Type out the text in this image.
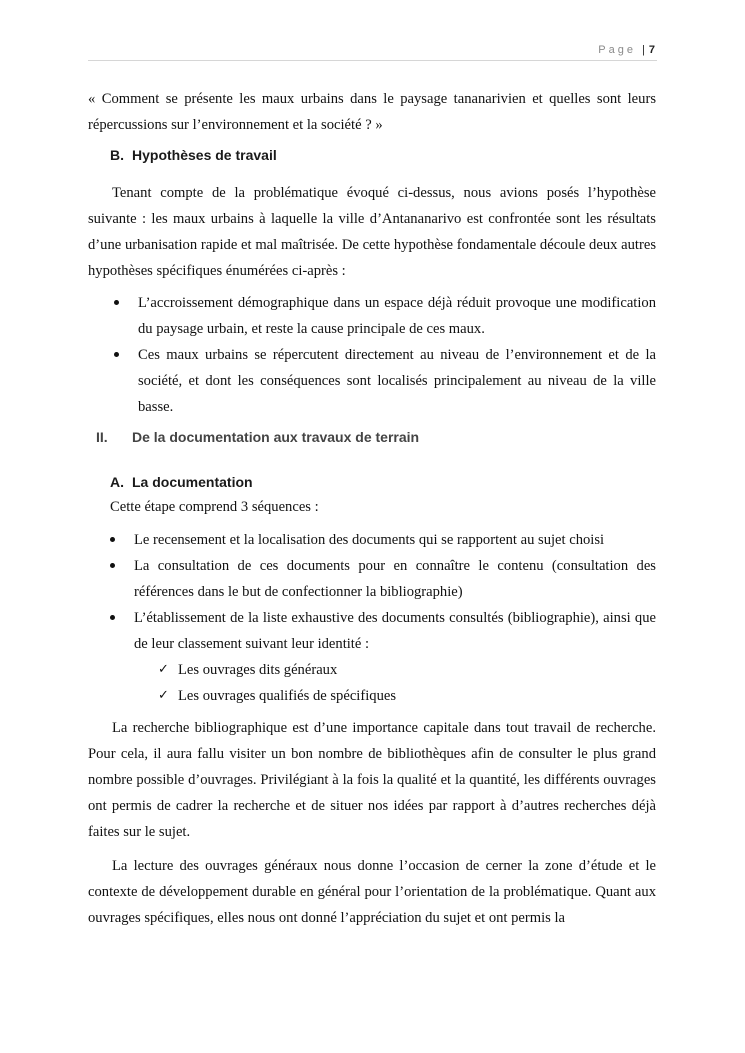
Page | 7

« Comment se présente les maux urbains dans le paysage tananarivien et quelles sont leurs répercussions sur l’environnement et la société ? »

B. Hypothèses de travail

Tenant compte de la problématique évoqué ci-dessus, nous avions posés l’hypothèse suivante : les maux urbains à laquelle la ville d’Antananarivo est confrontée sont les résultats d’une urbanisation rapide et mal maîtrisée. De cette hypothèse fondamentale découle deux autres hypothèses spécifiques énumérées ci-après :

L’accroissement démographique dans un espace déjà réduit provoque une modification du paysage urbain, et reste la cause principale de ces maux.
Ces maux urbains se répercutent directement au niveau de l’environnement et de la société, et dont les conséquences sont localisés principalement au niveau de la ville basse.
II. De la documentation aux travaux de terrain
A. La documentation

Cette étape comprend 3 séquences :

Le recensement et la localisation des documents qui se rapportent au sujet choisi
La consultation de ces documents pour en connaître le contenu (consultation des références dans le but de confectionner la bibliographie)
L’établissement de la liste exhaustive des documents consultés (bibliographie), ainsi que de leur classement suivant leur identité :
✓ Les ouvrages dits généraux
✓ Les ouvrages qualifiés de spécifiques

La recherche bibliographique est d’une importance capitale dans tout travail de recherche. Pour cela, il aura fallu visiter un bon nombre de bibliothèques afin de consulter le plus grand nombre possible d’ouvrages. Privilégiant à la fois la qualité et la quantité, les différents ouvrages ont permis de cadrer la recherche et de situer nos idées par rapport à d’autres recherches déjà faites sur le sujet.

La lecture des ouvrages généraux nous donne l’occasion de cerner la zone d’étude et le contexte de développement durable en général pour l’orientation de la problématique. Quant aux ouvrages spécifiques, elles nous ont donné l’appréciation du sujet et ont permis la
